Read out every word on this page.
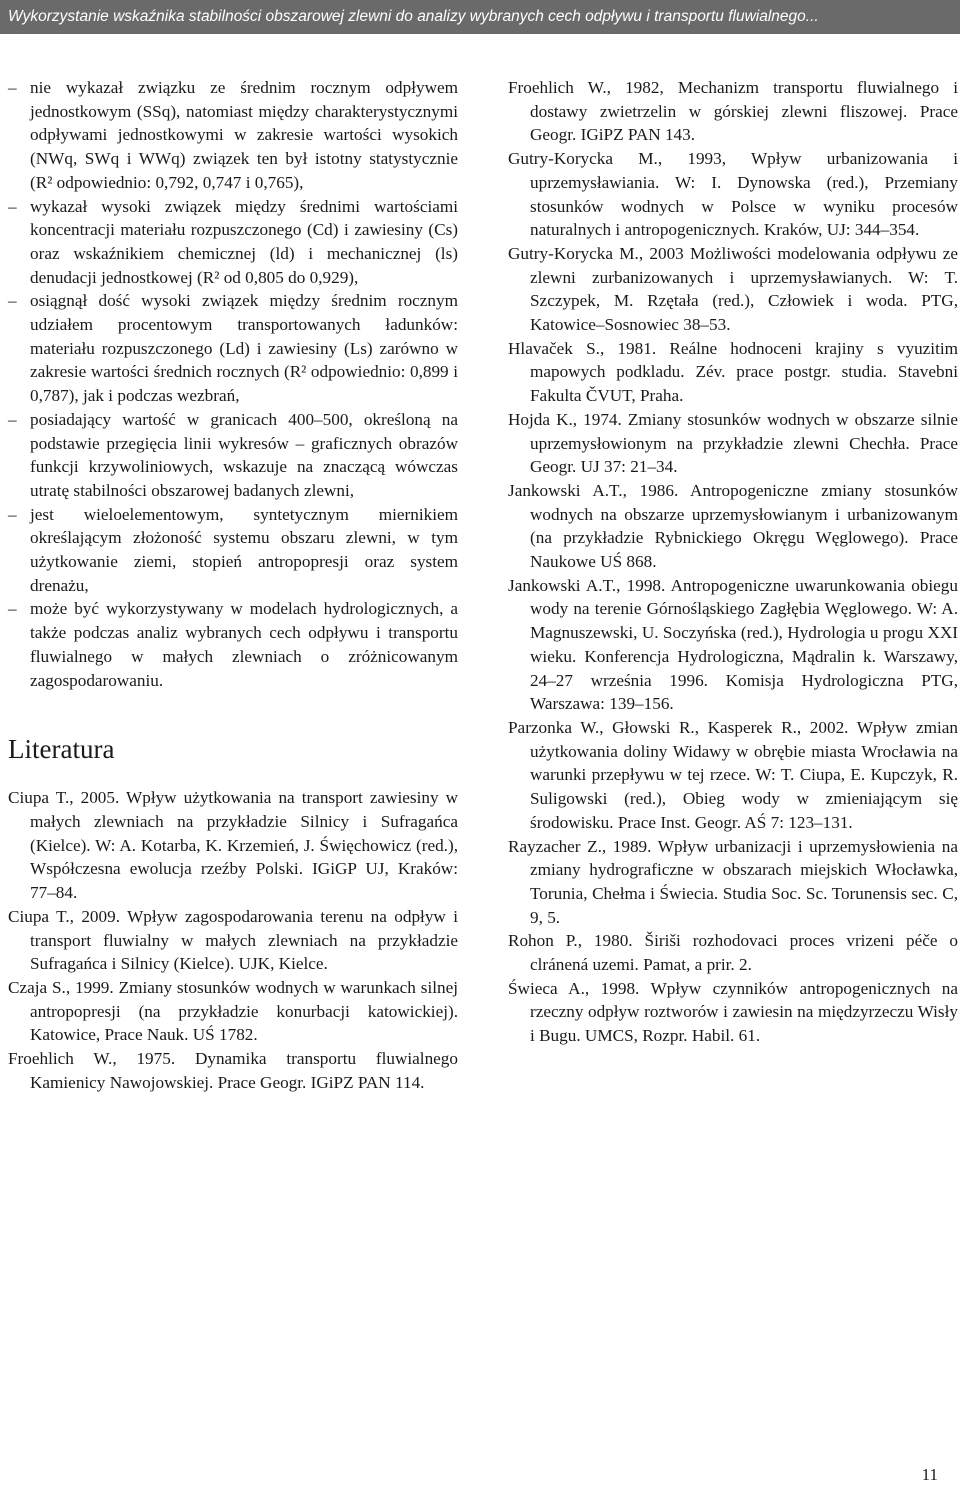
Wykorzystanie wskaźnika stabilności obszarowej zlewni do analizy wybranych cech odpływu i transportu fluwialnego...
– nie wykazał związku ze średnim rocznym odpływem jednostkowym (SSq), natomiast między charakterystycznymi odpływami jednostkowymi w zakresie wartości wysokich (NWq, SWq i WWq) związek ten był istotny statystycznie (R² odpowiednio: 0,792, 0,747 i 0,765),
– wykazał wysoki związek między średnimi wartościami koncentracji materiału rozpuszczonego (Cd) i zawiesiny (Cs) oraz wskaźnikiem chemicznej (ld) i mechanicznej (ls) denudacji jednostkowej (R² od 0,805 do 0,929),
– osiągnął dość wysoki związek między średnim rocznym udziałem procentowym transportowanych ładunków: materiału rozpuszczonego (Ld) i zawiesiny (Ls) zarówno w zakresie wartości średnich rocznych (R² odpowiednio: 0,899 i 0,787), jak i podczas wezbrań,
– posiadający wartość w granicach 400–500, określoną na podstawie przegięcia linii wykresów – graficznych obrazów funkcji krzywoliniowych, wskazuje na znaczącą wówczas utratę stabilności obszarowej badanych zlewni,
– jest wieloelementowym, syntetycznym miernikiem określającym złożoność systemu obszaru zlewni, w tym użytkowanie ziemi, stopień antropopresji oraz system drenażu,
– może być wykorzystywany w modelach hydrologicznych, a także podczas analiz wybranych cech odpływu i transportu fluwialnego w małych zlewniach o zróżnicowanym zagospodarowaniu.
Literatura

Ciupa T., 2005. Wpływ użytkowania na transport zawiesiny w małych zlewniach na przykładzie Silnicy i Sufragańca (Kielce). W: A. Kotarba, K. Krzemień, J. Święchowicz (red.), Współczesna ewolucja rzeźby Polski. IGiGP UJ, Kraków: 77–84.

Ciupa T., 2009. Wpływ zagospodarowania terenu na odpływ i transport fluwialny w małych zlewniach na przykładzie Sufragańca i Silnicy (Kielce). UJK, Kielce.

Czaja S., 1999. Zmiany stosunków wodnych w warunkach silnej antropopresji (na przykładzie konurbacji katowickiej). Katowice, Prace Nauk. UŚ 1782.

Froehlich W., 1975. Dynamika transportu fluwialnego Kamienicy Nawojowskiej. Prace Geogr. IGiPZ PAN 114.

Froehlich W., 1982, Mechanizm transportu fluwialnego i dostawy zwietrzelin w górskiej zlewni fliszowej. Prace Geogr. IGiPZ PAN 143.

Gutry-Korycka M., 1993, Wpływ urbanizowania i uprzemysławiania. W: I. Dynowska (red.), Przemiany stosunków wodnych w Polsce w wyniku procesów naturalnych i antropogenicznych. Kraków, UJ: 344–354.

Gutry-Korycka M., 2003 Możliwości modelowania odpływu ze zlewni zurbanizowanych i uprzemysławianych. W: T. Szczypek, M. Rzętała (red.), Człowiek i woda. PTG, Katowice–Sosnowiec 38–53.

Hlavaček S., 1981. Reálne hodnoceni krajiny s vyuzitim mapowych podkladu. Zév. prace postgr. studia. Stavebni Fakulta ČVUT, Praha.

Hojda K., 1974. Zmiany stosunków wodnych w obszarze silnie uprzemysłowionym na przykładzie zlewni Chechła. Prace Geogr. UJ 37: 21–34.

Jankowski A.T., 1986. Antropogeniczne zmiany stosunków wodnych na obszarze uprzemysłowianym i urbanizowanym (na przykładzie Rybnickiego Okręgu Węglowego). Prace Naukowe UŚ 868.

Jankowski A.T., 1998. Antropogeniczne uwarunkowania obiegu wody na terenie Górnośląskiego Zagłębia Węglowego. W: A. Magnuszewski, U. Soczyńska (red.), Hydrologia u progu XXI wieku. Konferencja Hydrologiczna, Mądralin k. Warszawy, 24–27 września 1996. Komisja Hydrologiczna PTG, Warszawa: 139–156.

Parzonka W., Głowski R., Kasperek R., 2002. Wpływ zmian użytkowania doliny Widawy w obrębie miasta Wrocławia na warunki przepływu w tej rzece. W: T. Ciupa, E. Kupczyk, R. Suligowski (red.), Obieg wody w zmieniającym się środowisku. Prace Inst. Geogr. AŚ 7: 123–131.

Rayzacher Z., 1989. Wpływ urbanizacji i uprzemysłowienia na zmiany hydrograficzne w obszarach miejskich Włocławka, Torunia, Chełma i Świecia. Studia Soc. Sc. Torunensis sec. C, 9, 5.

Rohon P., 1980. Širiši rozhodovaci proces vrizeni péče o clránená uzemi. Pamat, a prir. 2.

Świeca A., 1998. Wpływ czynników antropogenicznych na rzeczny odpływ roztworów i zawiesin na międzyrzeczu Wisły i Bugu. UMCS, Rozpr. Habil. 61.

11
